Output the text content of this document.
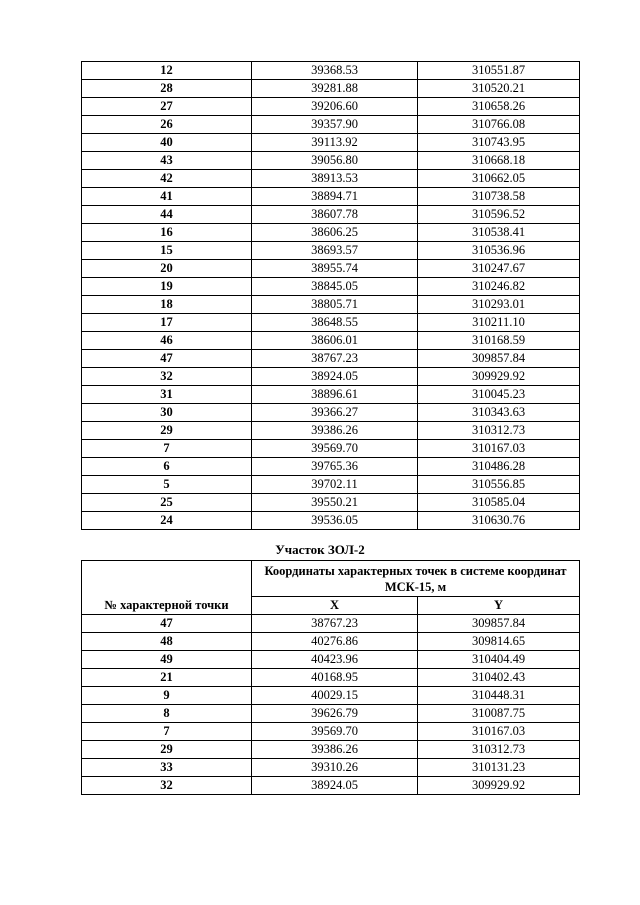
12	39368.53	310551.87
28	39281.88	310520.21
27	39206.60	310658.26
26	39357.90	310766.08
40	39113.92	310743.95
43	39056.80	310668.18
42	38913.53	310662.05
41	38894.71	310738.58
44	38607.78	310596.52
16	38606.25	310538.41
15	38693.57	310536.96
20	38955.74	310247.67
19	38845.05	310246.82
18	38805.71	310293.01
17	38648.55	310211.10
46	38606.01	310168.59
47	38767.23	309857.84
32	38924.05	309929.92
31	38896.61	310045.23
30	39366.27	310343.63
29	39386.26	310312.73
7	39569.70	310167.03
6	39765.36	310486.28
5	39702.11	310556.85
25	39550.21	310585.04
24	39536.05	310630.76
Участок ЗОЛ-2
№ характерной точки	Координаты характерных точек в системе координат МСК-15, м	
	X	Y
47	38767.23	309857.84
48	40276.86	309814.65
49	40423.96	310404.49
21	40168.95	310402.43
9	40029.15	310448.31
8	39626.79	310087.75
7	39569.70	310167.03
29	39386.26	310312.73
33	39310.26	310131.23
32	38924.05	309929.92
